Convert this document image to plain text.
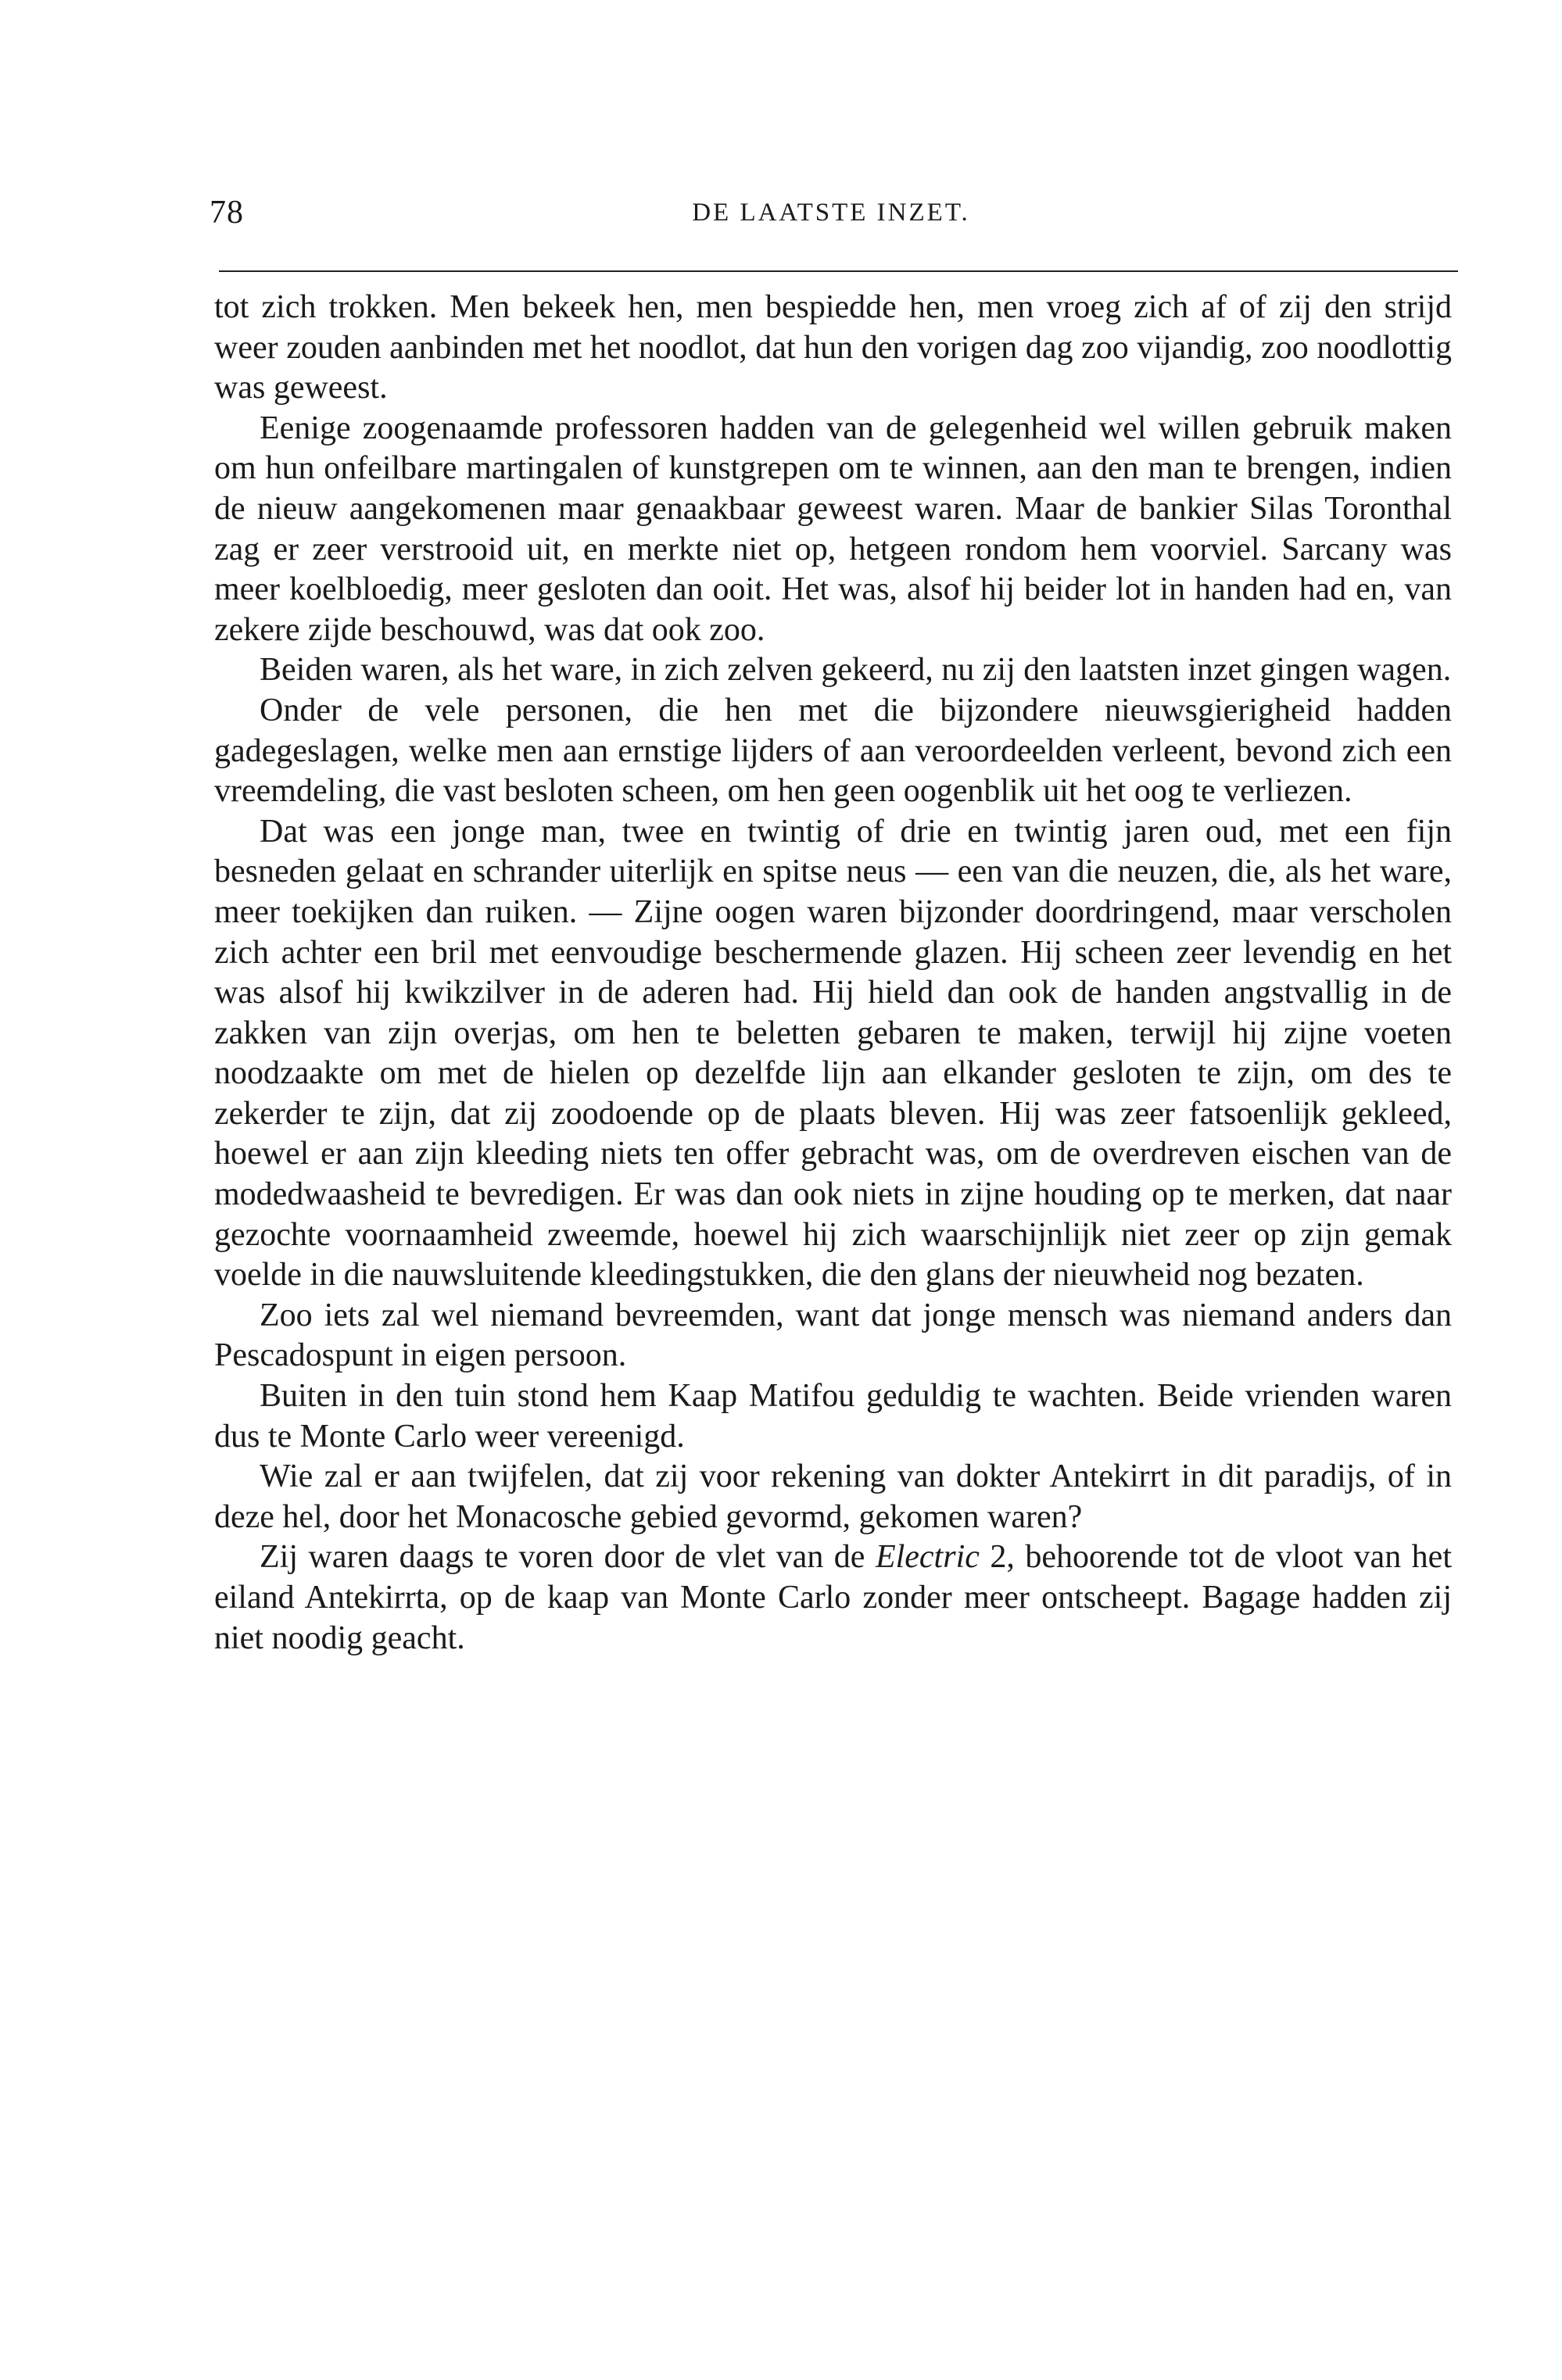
78	DE LAATSTE INZET.

tot zich trokken. Men bekeek hen, men bespiedde hen, men vroeg zich af of zij den strijd weer zouden aanbinden met het noodlot, dat hun den vorigen dag zoo vijandig, zoo noodlottig was geweest.

Eenige zoogenaamde professoren hadden van de gelegenheid wel willen gebruik maken om hun onfeilbare martingalen of kunstgrepen om te winnen, aan den man te brengen, indien de nieuw aangekomenen maar genaakbaar geweest waren. Maar de bankier Silas Toronthal zag er zeer verstrooid uit, en merkte niet op, hetgeen rondom hem voorviel. Sarcany was meer koelbloedig, meer gesloten dan ooit. Het was, alsof hij beider lot in handen had en, van zekere zijde beschouwd, was dat ook zoo.

Beiden waren, als het ware, in zich zelven gekeerd, nu zij den laatsten inzet gingen wagen.

Onder de vele personen, die hen met die bijzondere nieuwsgierigheid hadden gadegeslagen, welke men aan ernstige lijders of aan veroordeelden verleent, bevond zich een vreemdeling, die vast besloten scheen, om hen geen oogenblik uit het oog te verliezen.

Dat was een jonge man, twee en twintig of drie en twintig jaren oud, met een fijn besneden gelaat en schrander uiterlijk en spitse neus — een van die neuzen, die, als het ware, meer toekijken dan ruiken. — Zijne oogen waren bijzonder doordringend, maar verscholen zich achter een bril met eenvoudige beschermende glazen. Hij scheen zeer levendig en het was alsof hij kwikzilver in de aderen had. Hij hield dan ook de handen angstvallig in de zakken van zijn overjas, om hen te beletten gebaren te maken, terwijl hij zijne voeten noodzaakte om met de hielen op dezelfde lijn aan elkander gesloten te zijn, om des te zekerder te zijn, dat zij zoodoende op de plaats bleven. Hij was zeer fatsoenlijk gekleed, hoewel er aan zijn kleeding niets ten offer gebracht was, om de overdreven eischen van de modedwaasheid te bevredigen. Er was dan ook niets in zijne houding op te merken, dat naar gezochte voornaamheid zweemde, hoewel hij zich waarschijnlijk niet zeer op zijn gemak voelde in die nauwsluitende kleedingstukken, die den glans der nieuwheid nog bezaten.

Zoo iets zal wel niemand bevreemden, want dat jonge mensch was niemand anders dan Pescadospunt in eigen persoon.

Buiten in den tuin stond hem Kaap Matifou geduldig te wachten. Beide vrienden waren dus te Monte Carlo weer vereenigd.

Wie zal er aan twijfelen, dat zij voor rekening van dokter Antekirrt in dit paradijs, of in deze hel, door het Monacosche gebied gevormd, gekomen waren?

Zij waren daags te voren door de vlet van de Electric 2, behoorende tot de vloot van het eiland Antekirrta, op de kaap van Monte Carlo zonder meer ontscheept. Bagage hadden zij niet noodig geacht.
